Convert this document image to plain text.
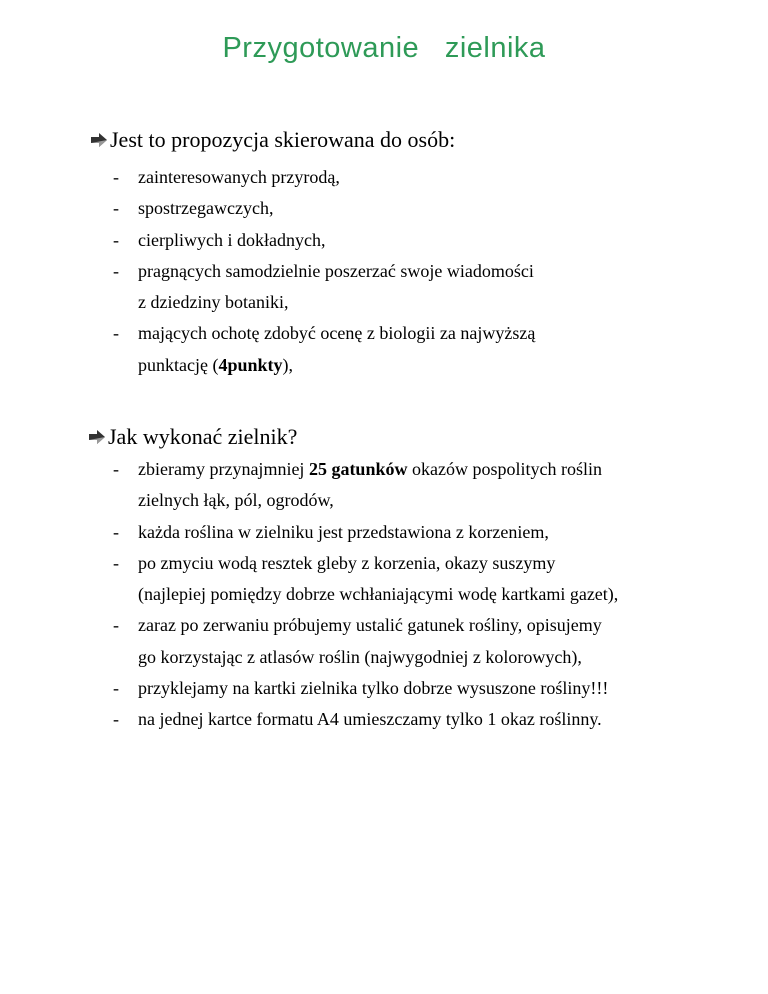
Przygotowanie   zielnika
Jest to propozycja skierowana do osób:
- zainteresowanych przyrodą,
- spostrzegawczych,
- cierpliwych i dokładnych,
- pragnących samodzielnie poszerzać swoje wiadomości
z dziedziny botaniki,
- mających ochotę zdobyć ocenę z biologii za najwyższą
punktację (4punkty),
Jak wykonać zielnik?
- zbieramy przynajmniej 25 gatunków okazów pospolitych roślin
zielnych łąk, pól, ogrodów,
- każda roślina w zielniku jest przedstawiona z korzeniem,
- po zmyciu wodą resztek gleby z korzenia, okazy suszymy
(najlepiej pomiędzy dobrze wchłaniającymi wodę kartkami gazet),
- zaraz po zerwaniu próbujemy ustalić gatunek rośliny, opisujemy
go korzystając z atlasów roślin (najwygodniej z kolorowych),
- przyklejamy na kartki zielnika tylko dobrze wysuszone rośliny!!!
- na jednej kartce formatu A4 umieszczamy tylko 1 okaz roślinny.
